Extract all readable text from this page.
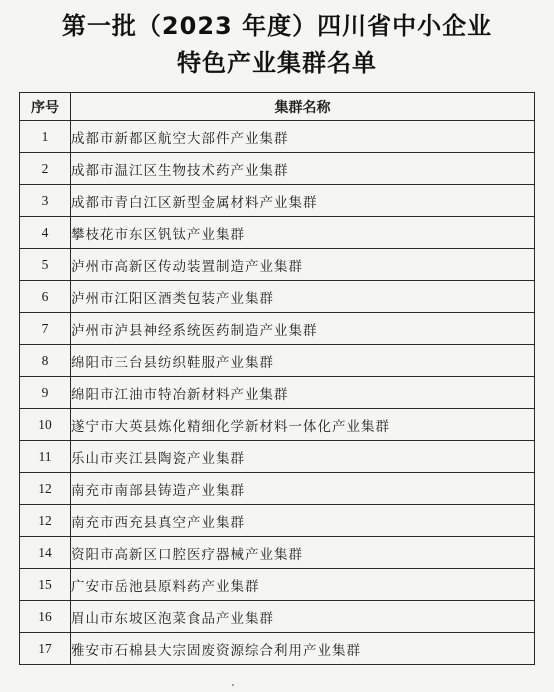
第一批（2023 年度）四川省中小企业
特色产业集群名单
序号	集群名称
1	成都市新都区航空大部件产业集群
2	成都市温江区生物技术药产业集群
3	成都市青白江区新型金属材料产业集群
4	攀枝花市东区钒钛产业集群
5	泸州市高新区传动装置制造产业集群
6	泸州市江阳区酒类包装产业集群
7	泸州市泸县神经系统医药制造产业集群
8	绵阳市三台县纺织鞋服产业集群
9	绵阳市江油市特冶新材料产业集群
10	遂宁市大英县炼化精细化学新材料一体化产业集群
11	乐山市夹江县陶瓷产业集群
12	南充市南部县铸造产业集群
12	南充市西充县真空产业集群
14	资阳市高新区口腔医疗器械产业集群
15	广安市岳池县原料药产业集群
16	眉山市东坡区泡菜食品产业集群
17	雅安市石棉县大宗固废资源综合利用产业集群
